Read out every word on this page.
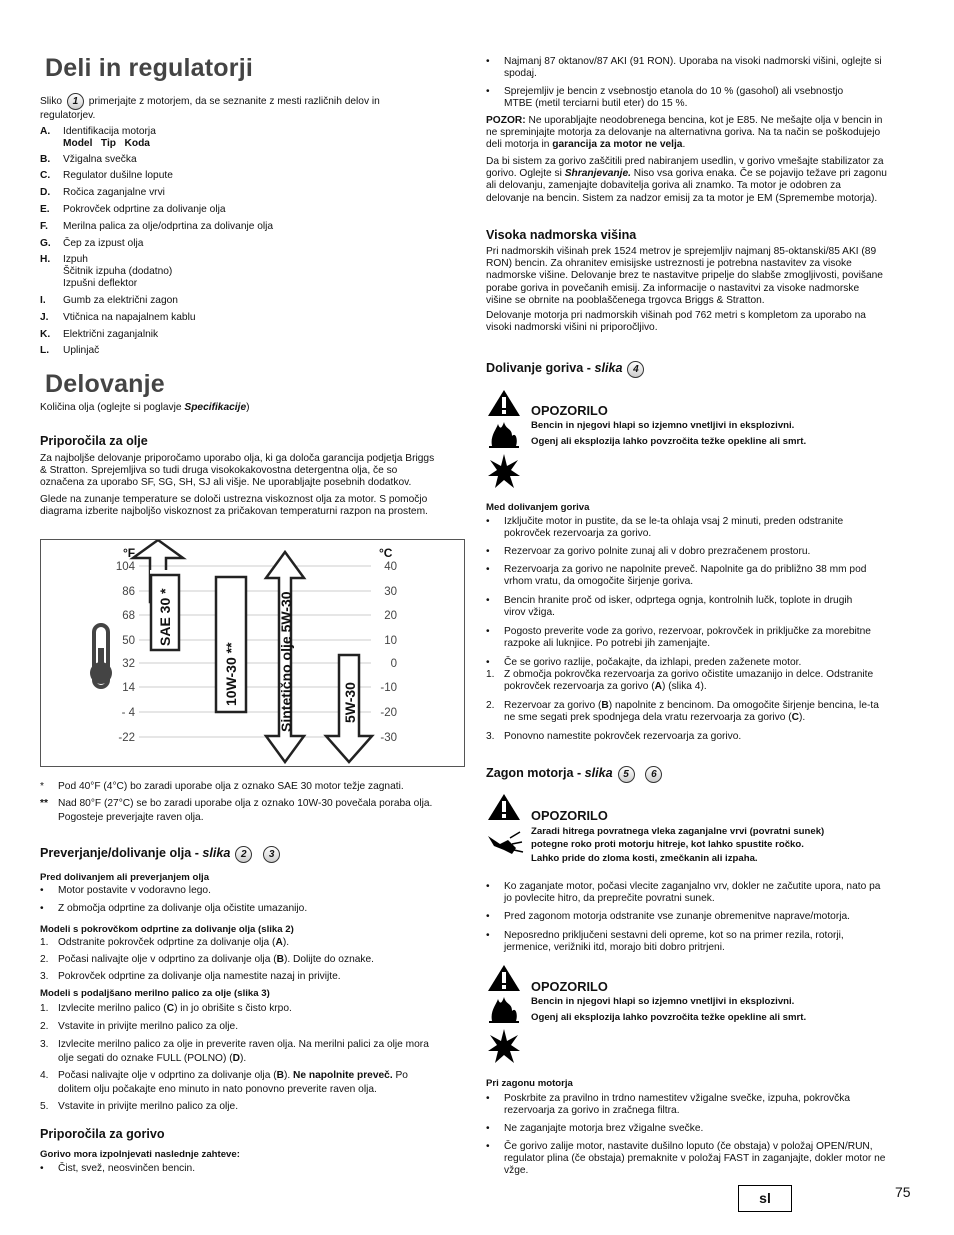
Deli in regulatorji
Sliko 1 primerjajte z motorjem, da se seznanite z mesti različnih delov in
regulatorjev.
A. Identifikacija motorja
Model   Tip   Koda
B. Vžigalna svečka
C. Regulator dušilne lopute
D. Ročica zaganjalne vrvi
E. Pokrovček odprtine za dolivanje olja
F. Merilna palica za olje/odprtina za dolivanje olja
G. Čep za izpust olja
H. Izpuh
Ščitnik izpuha (dodatno)
Izpušni deflektor
I. Gumb za električni zagon
J. Vtičnica na napajalnem kablu
K. Električni zaganjalnik
L. Uplinjač
Delovanje
Količina olja (oglejte si poglavje Specifikacije)
Priporočila za olje
Za najboljše delovanje priporočamo uporabo olja, ki ga določa garancija podjetja Briggs
& Stratton. Sprejemljiva so tudi druga visokokakovostna detergentna olja, če so
označena za uporabo SF, SG, SH, SJ ali višje. Ne uporabljajte posebnih dodatkov.
Glede na zunanje temperature se določi ustrezna viskoznost olja za motor. S pomočjo
diagrama izberite najboljšo viskoznost za pričakovan temperaturni razpon na prostem.
SAE 30 *
10W-30 **	Sintetično olje 5W-30	5W-30
°F	°C
104
86
68
50
32
14
- 4
-22
40
30
20
10
0
-10
-20
-30
* Pod 40°F (4°C) bo zaradi uporabe olja z oznako SAE 30 motor težje zagnati.
** Nad 80°F (27°C) se bo zaradi uporabe olja z oznako 10W-30 povečala poraba olja.
Pogosteje preverjajte raven olja.
Preverjanje/dolivanje olja - slika 2 3
Pred dolivanjem ali preverjanjem olja
• Motor postavite v vodoravno lego.
• Z območja odprtine za dolivanje olja očistite umazanijo.
Modeli s pokrovčkom odprtine za dolivanje olja (slika 2)
1. Odstranite pokrovček odprtine za dolivanje olja (A).
2. Počasi nalivajte olje v odprtino za dolivanje olja (B). Dolijte do oznake.
3. Pokrovček odprtine za dolivanje olja namestite nazaj in privijte.
Modeli s podaljšano merilno palico za olje (slika 3)
1. Izvlecite merilno palico (C) in jo obrišite s čisto krpo.
2. Vstavite in privijte merilno palico za olje.
3. Izvlecite merilno palico za olje in preverite raven olja. Na merilni palici za olje mora
olje segati do oznake FULL (POLNO) (D).
4. Počasi nalivajte olje v odprtino za dolivanje olja (B). Ne napolnite preveč. Po
dolitem olju počakajte eno minuto in nato ponovno preverite raven olja.
5. Vstavite in privijte merilno palico za olje.
Priporočila za gorivo
Gorivo mora izpolnjevati naslednje zahteve:
• Čist, svež, neosvinčen bencin.
• Najmanj 87 oktanov/87 AKI (91 RON). Uporaba na visoki nadmorski višini, oglejte si
spodaj.
• Sprejemljiv je bencin z vsebnostjo etanola do 10 % (gasohol) ali vsebnostjo
MTBE (metil terciarni butil eter) do 15 %.
POZOR: Ne uporabljajte neodobrenega bencina, kot je E85. Ne mešajte olja v bencin in
ne spreminjajte motorja za delovanje na alternativna goriva. Na ta način se poškodujejo
deli motorja in garancija za motor ne velja.
Da bi sistem za gorivo zaščitili pred nabiranjem usedlin, v gorivo vmešajte stabilizator za
gorivo. Oglejte si Shranjevanje. Niso vsa goriva enaka. Če se pojavijo težave pri zagonu
ali delovanju, zamenjajte dobavitelja goriva ali znamko. Ta motor je odobren za
delovanje na bencin. Sistem za nadzor emisij za ta motor je EM (Spremembe motorja).
Visoka nadmorska višina
Pri nadmorskih višinah prek 1524 metrov je sprejemljiv najmanj 85-oktanski/85 AKI (89
RON) bencin. Za ohranitev emisijske ustreznosti je potrebna nastavitev za visoke
nadmorske višine. Delovanje brez te nastavitve pripelje do slabše zmogljivosti, povišane
porabe goriva in povečanih emisij. Za informacije o nastavitvi za visoke nadmorske
višine se obrnite na pooblaščenega trgovca Briggs & Stratton.
Delovanje motorja pri nadmorskih višinah pod 762 metri s kompletom za uporabo na
visoki nadmorski višini ni priporočljivo.
Dolivanje goriva - slika 4
OPOZORILO
Bencin in njegovi hlapi so izjemno vnetljivi in eksplozivni.
Ogenj ali eksplozija lahko povzročita težke opekline ali smrt.
Med dolivanjem goriva
• Izključite motor in pustite, da se le-ta ohlaja vsaj 2 minuti, preden odstranite
pokrovček rezervoarja za gorivo.
• Rezervoar za gorivo polnite zunaj ali v dobro prezračenem prostoru.
• Rezervoarja za gorivo ne napolnite preveč. Napolnite ga do približno 38 mm pod
vrhom vratu, da omogočite širjenje goriva.
• Bencin hranite proč od isker, odprtega ognja, kontrolnih lučk, toplote in drugih
virov vžiga.
• Pogosto preverite vode za gorivo, rezervoar, pokrovček in priključke za morebitne
razpoke ali luknjice. Po potrebi jih zamenjajte.
• Če se gorivo razlije, počakajte, da izhlapi, preden zaženete motor.
1. Z območja pokrovčka rezervoarja za gorivo očistite umazanijo in delce. Odstranite
pokrovček rezervoarja za gorivo (A) (slika 4).
2. Rezervoar za gorivo (B) napolnite z bencinom. Da omogočite širjenje bencina, le-ta
ne sme segati prek spodnjega dela vratu rezervoarja za gorivo (C).
3. Ponovno namestite pokrovček rezervoarja za gorivo.
Zagon motorja - slika 5 6
OPOZORILO
Zaradi hitrega povratnega vleka zaganjalne vrvi (povratni sunek)
potegne roko proti motorju hitreje, kot lahko spustite ročko.
Lahko pride do zloma kosti, zmečkanin ali izpaha.
• Ko zaganjate motor, počasi vlecite zaganjalno vrv, dokler ne začutite upora, nato pa
jo povlecite hitro, da preprečite povratni sunek.
• Pred zagonom motorja odstranite vse zunanje obremenitve naprave/motorja.
• Neposredno priključeni sestavni deli opreme, kot so na primer rezila, rotorji,
jermenice, verižniki itd, morajo biti dobro pritrjeni.
OPOZORILO
Bencin in njegovi hlapi so izjemno vnetljivi in eksplozivni.
Ogenj ali eksplozija lahko povzročita težke opekline ali smrt.
Pri zagonu motorja
• Poskrbite za pravilno in trdno namestitev vžigalne svečke, izpuha, pokrovčka
rezervoarja za gorivo in zračnega filtra.
• Ne zaganjajte motorja brez vžigalne svečke.
• Če gorivo zalije motor, nastavite dušilno loputo (če obstaja) v položaj OPEN/RUN,
regulator plina (če obstaja) premaknite v položaj FAST in zaganjajte, dokler motor ne
vžge.
sl	75
